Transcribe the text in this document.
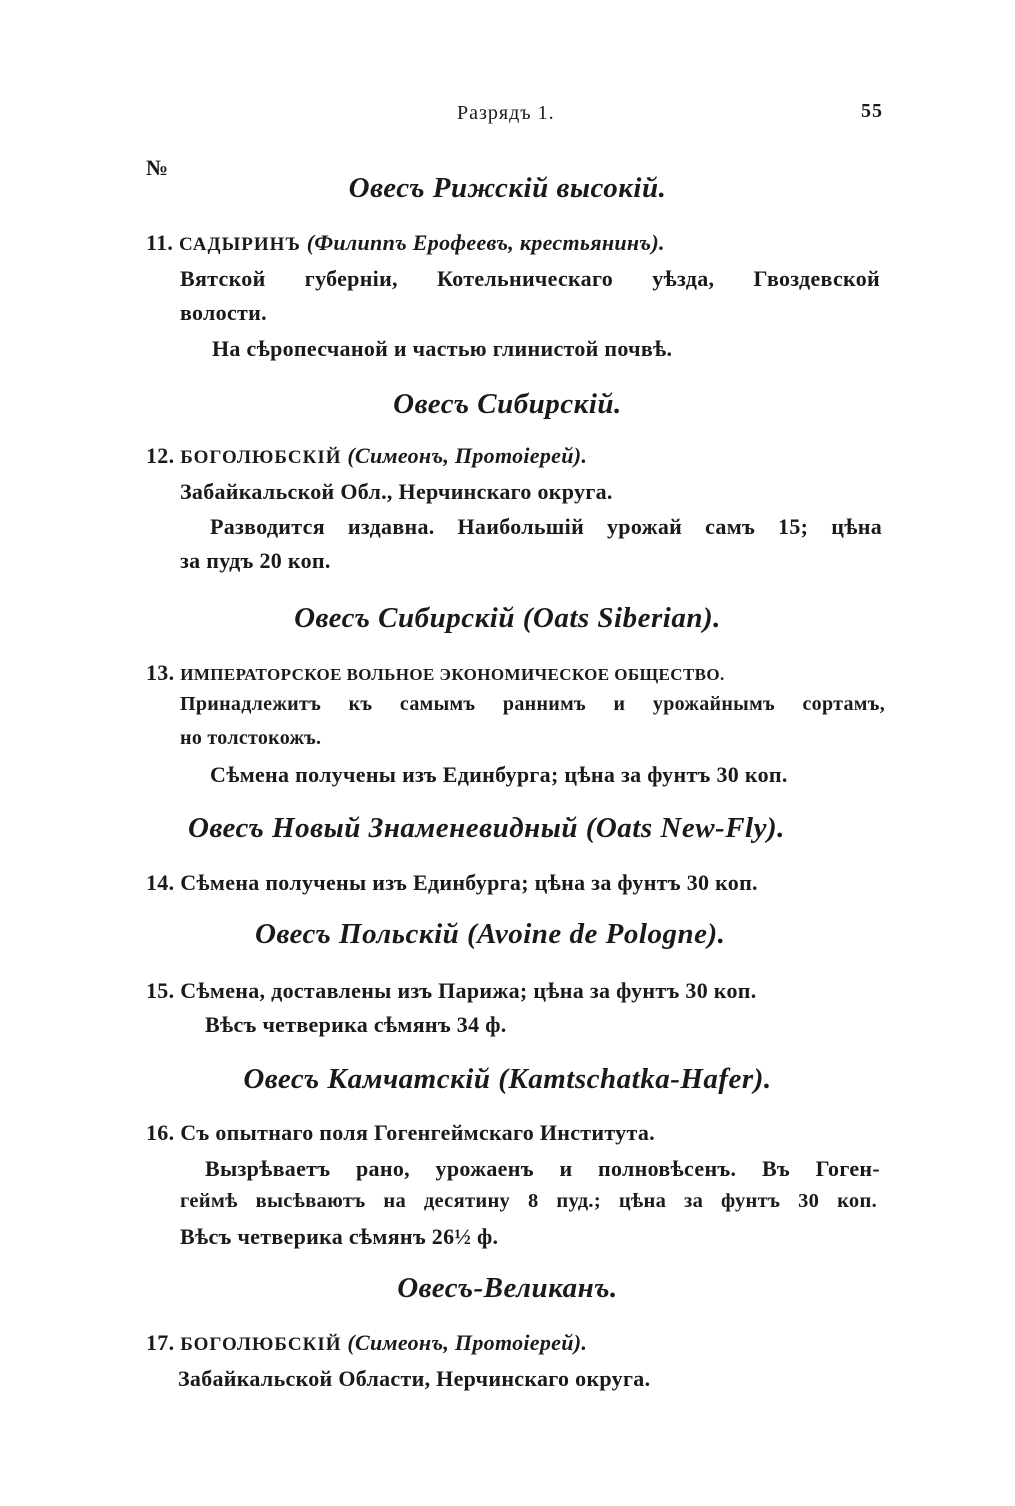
Разрядъ 1.	55
№
Овесъ Рижскій высокій.
11. САДЫРИНЪ (Филиппъ Ерофеевъ, крестьянинъ).
Вятской губерніи, Котельническаго уѣзда, Гвоздевской
волости.
На сѣропесчаной и частью глинистой почвѣ.
Овесъ Сибирскій.
12. БОГОЛЮБСКІЙ (Симеонъ, Протоіерей).
Забайкальской Обл., Нерчинскаго округа.
Разводится издавна. Наибольшій урожай самъ 15; цѣна
за пудъ 20 коп.
Овесъ Сибирскій (Oats Siberian).
13. ИМПЕРАТОРСКОЕ ВОЛЬНОЕ ЭКОНОМИЧЕСКОЕ ОБЩЕСТВО.
Принадлежитъ къ самымъ раннимъ и урожайнымъ сортамъ,
но толстокожъ.
Сѣмена получены изъ Единбурга; цѣна за фунтъ 30 коп.
Овесъ Новый Знаменевидный (Oats New-Fly).
14. Сѣмена получены изъ Единбурга; цѣна за фунтъ 30 коп.
Овесъ Польскій (Avoine de Pologne).
15. Сѣмена, доставлены изъ Парижа; цѣна за фунтъ 30 коп.
Вѣсъ четверика сѣмянъ 34 ф.
Овесъ Камчатскій (Kamtschatka-Hafer).
16. Съ опытнаго поля Гогенгеймскаго Института.
Вызрѣваетъ рано, урожаенъ и полновѣсенъ. Въ Гоген-
геймѣ высѣваютъ на десятину 8 пуд.; цѣна за фунтъ 30 коп.
Вѣсъ четверика сѣмянъ 26½ ф.
Овесъ-Великанъ.
17. БОГОЛЮБСКІЙ (Симеонъ, Протоіерей).
Забайкальской Области, Нерчинскаго округа.
